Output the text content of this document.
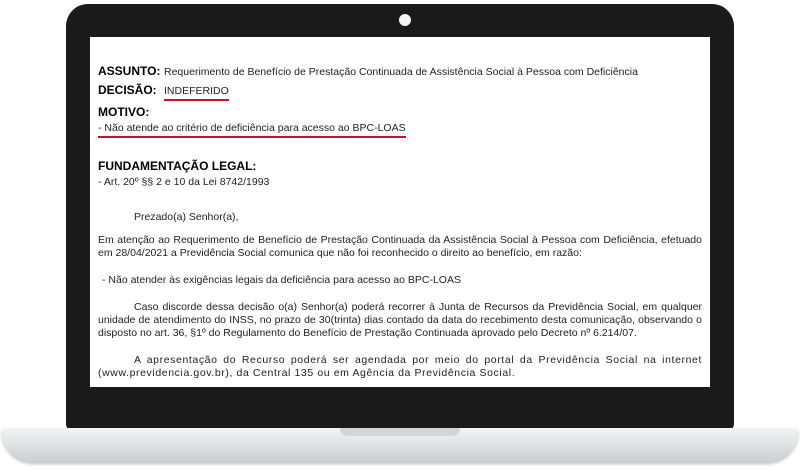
ASSUNTO: Requerimento de Benefício de Prestação Continuada de Assistência Social à Pessoa com Deficiência
DECISÃO: INDEFERIDO
MOTIVO:
- Não atende ao critério de deficiência para acesso ao BPC-LOAS
FUNDAMENTAÇÃO LEGAL:
- Art. 20º §§ 2 e 10 da Lei 8742/1993
Prezado(a) Senhor(a),
Em atenção ao Requerimento de Benefício de Prestação Continuada da Assistência Social à Pessoa com Deficiência, efetuado em 28/04/2021 a Previdência Social comunica que não foi reconhecido o direito ao benefício, em razão:
- Não atender às exigências legais da deficiência para acesso ao BPC-LOAS
Caso discorde dessa decisão o(a) Senhor(a) poderá recorrer à Junta de Recursos da Previdência Social, em qualquer unidade de atendimento do INSS, no prazo de 30(trinta) dias contado da data do recebimento desta comunicação, observando o disposto no art. 36, §1º do Regulamento do Benefício de Prestação Continuada aprovado pelo Decreto nº 6.214/07.
A apresentação do Recurso poderá ser agendada por meio do portal da Previdência Social na internet (www.previdencia.gov.br), da Central 135 ou em Agência da Previdência Social.
